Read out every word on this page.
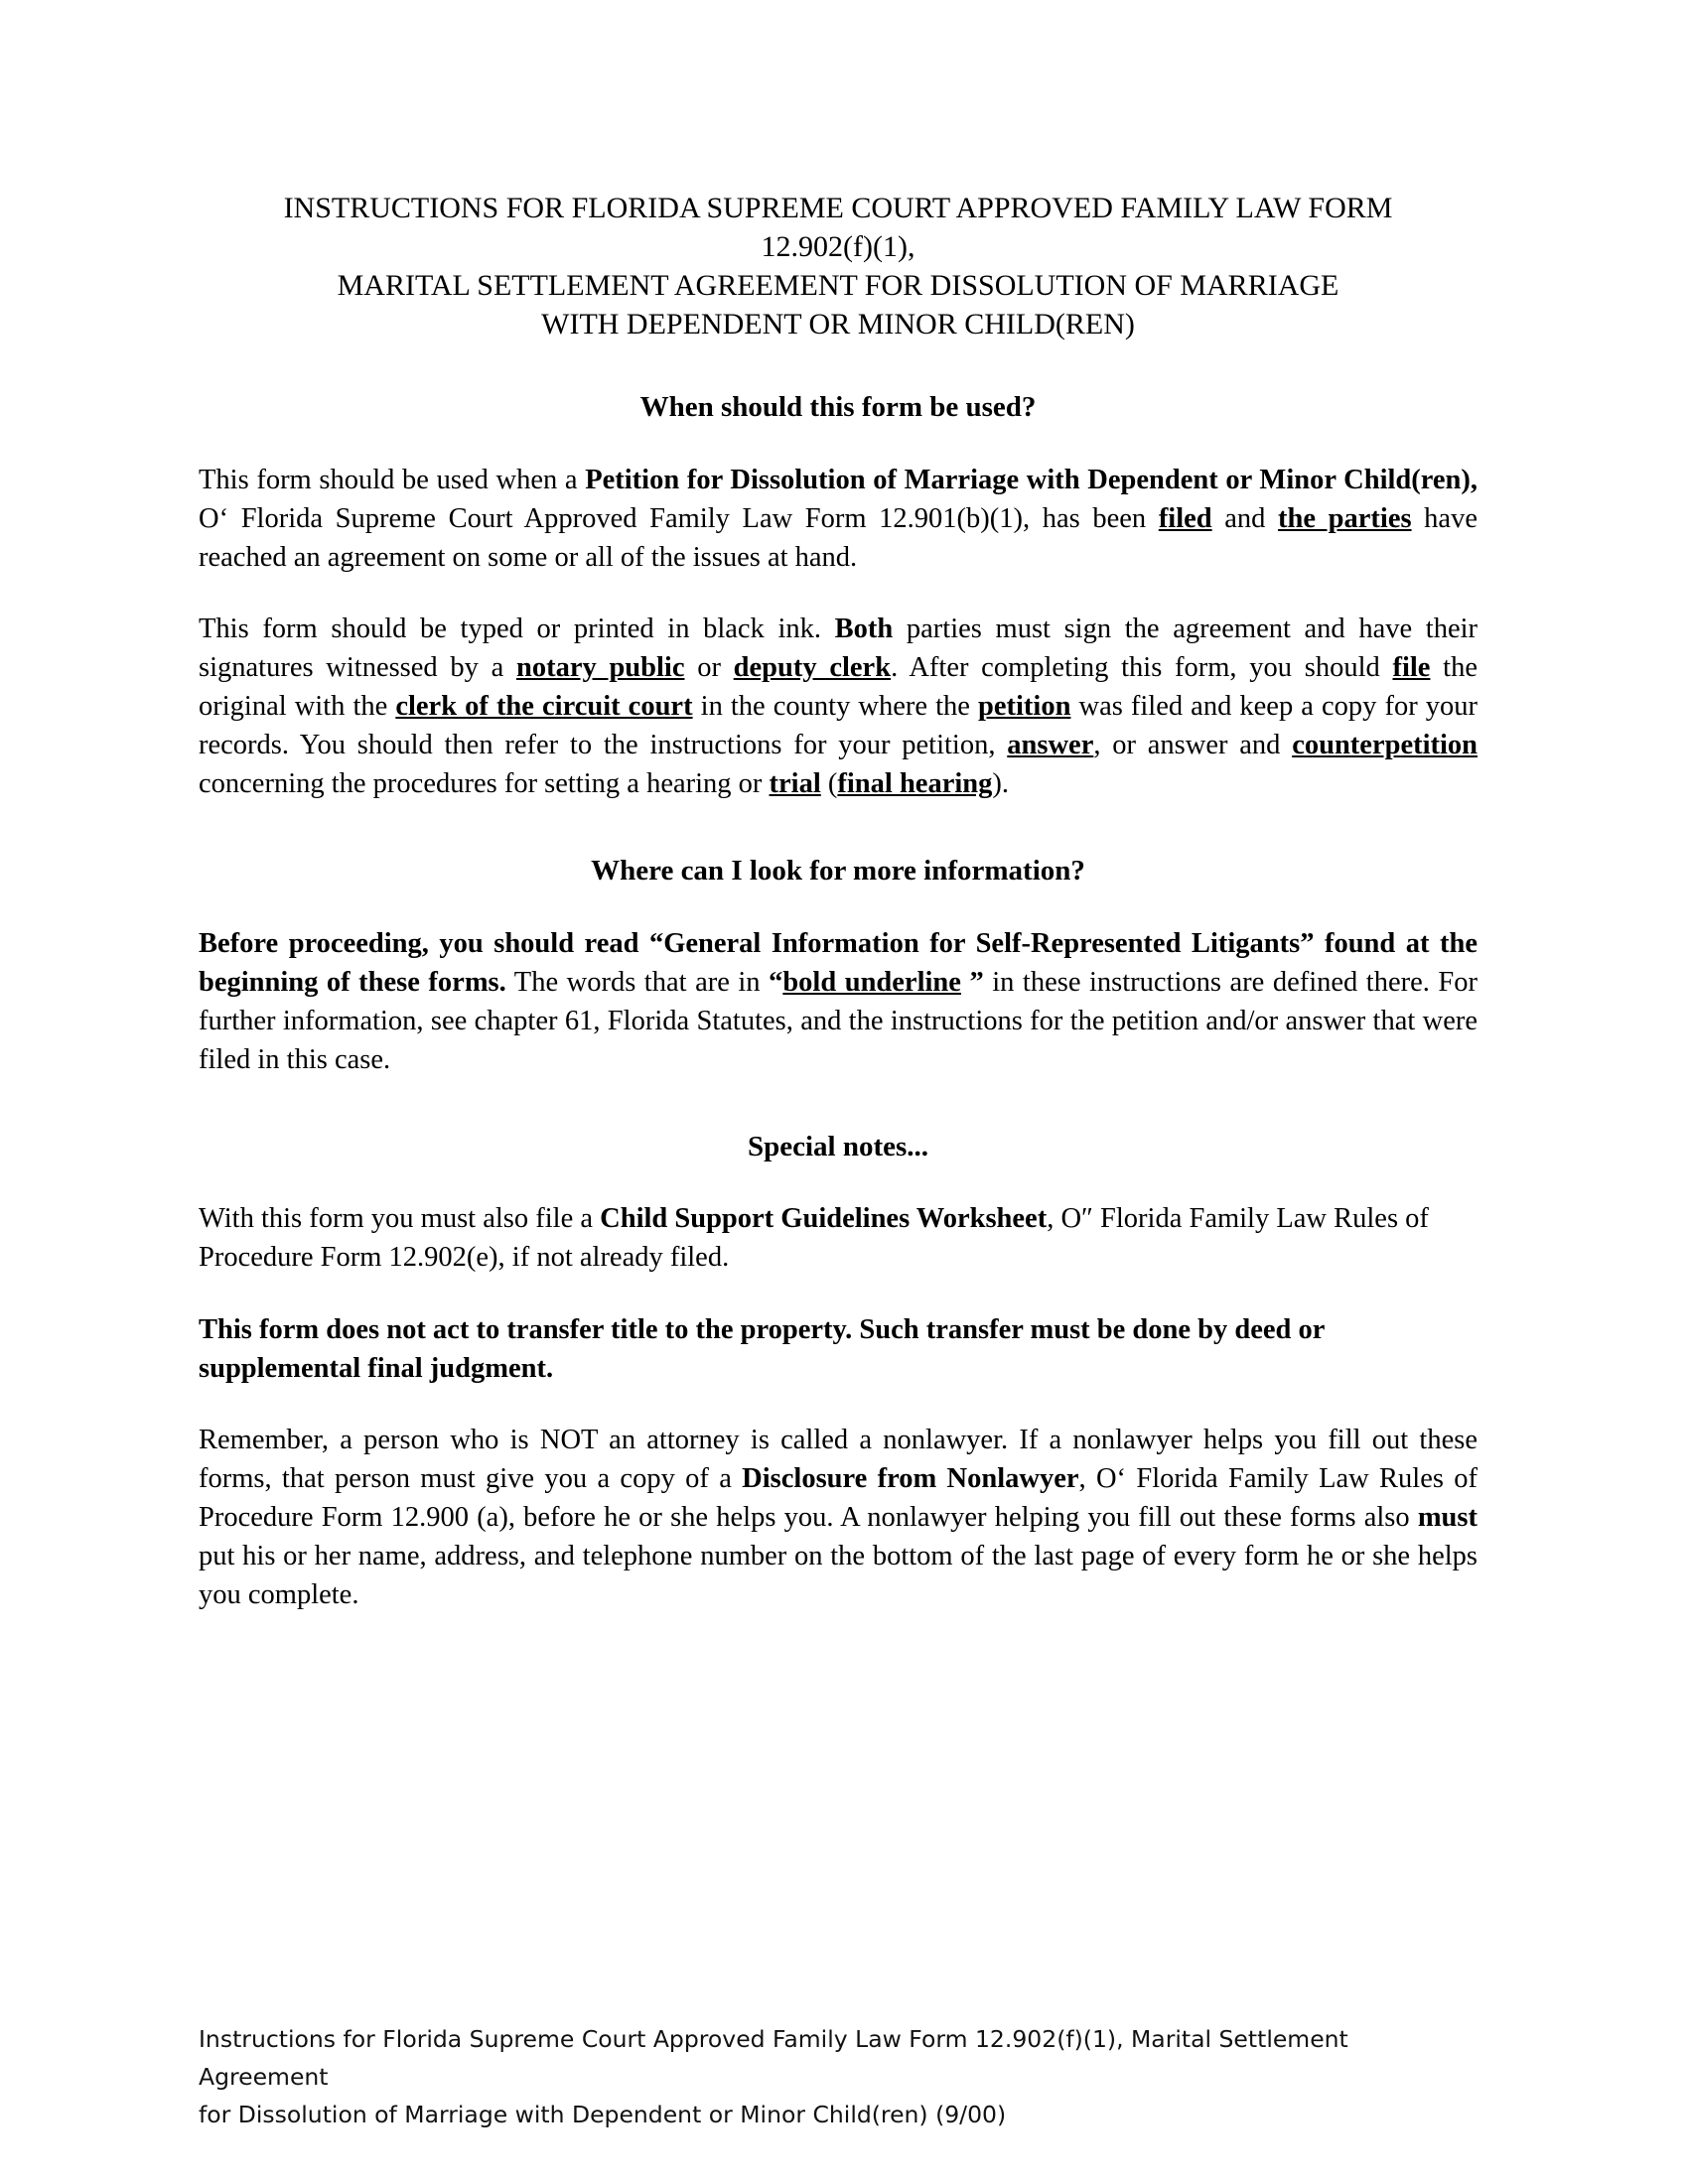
INSTRUCTIONS FOR FLORIDA SUPREME COURT APPROVED FAMILY LAW FORM
12.902(f)(1),
MARITAL SETTLEMENT AGREEMENT FOR DISSOLUTION OF MARRIAGE
WITH DEPENDENT OR MINOR CHILD(REN)
When should this form be used?

This form should be used when a Petition for Dissolution of Marriage with Dependent or Minor Child(ren), Ο‘ Florida Supreme Court Approved Family Law Form 12.901(b)(1), has been filed and the parties have reached an agreement on some or all of the issues at hand.

This form should be typed or printed in black ink. Both parties must sign the agreement and have their signatures witnessed by a notary public or deputy clerk. After completing this form, you should file the original with the clerk of the circuit court in the county where the petition was filed and keep a copy for your records. You should then refer to the instructions for your petition, answer, or answer and counterpetition concerning the procedures for setting a hearing or trial (final hearing).

Where can I look for more information?

Before proceeding, you should read “General Information for Self-Represented Litigants” found at the beginning of these forms. The words that are in “bold underline ” in these instructions are defined there. For further information, see chapter 61, Florida Statutes, and the instructions for the petition and/or answer that were filed in this case.

Special notes...

With this form you must also file a Child Support Guidelines Worksheet, Ο″ Florida Family Law Rules of Procedure Form 12.902(e), if not already filed.

This form does not act to transfer title to the property. Such transfer must be done by deed or supplemental final judgment.

Remember, a person who is NOT an attorney is called a nonlawyer. If a nonlawyer helps you fill out these forms, that person must give you a copy of a Disclosure from Nonlawyer, Ο‘ Florida Family Law Rules of Procedure Form 12.900 (a), before he or she helps you. A nonlawyer helping you fill out these forms also must put his or her name, address, and telephone number on the bottom of the last page of every form he or she helps you complete.

Instructions for Florida Supreme Court Approved Family Law Form 12.902(f)(1), Marital Settlement Agreement
for Dissolution of Marriage with Dependent or Minor Child(ren) (9/00)
